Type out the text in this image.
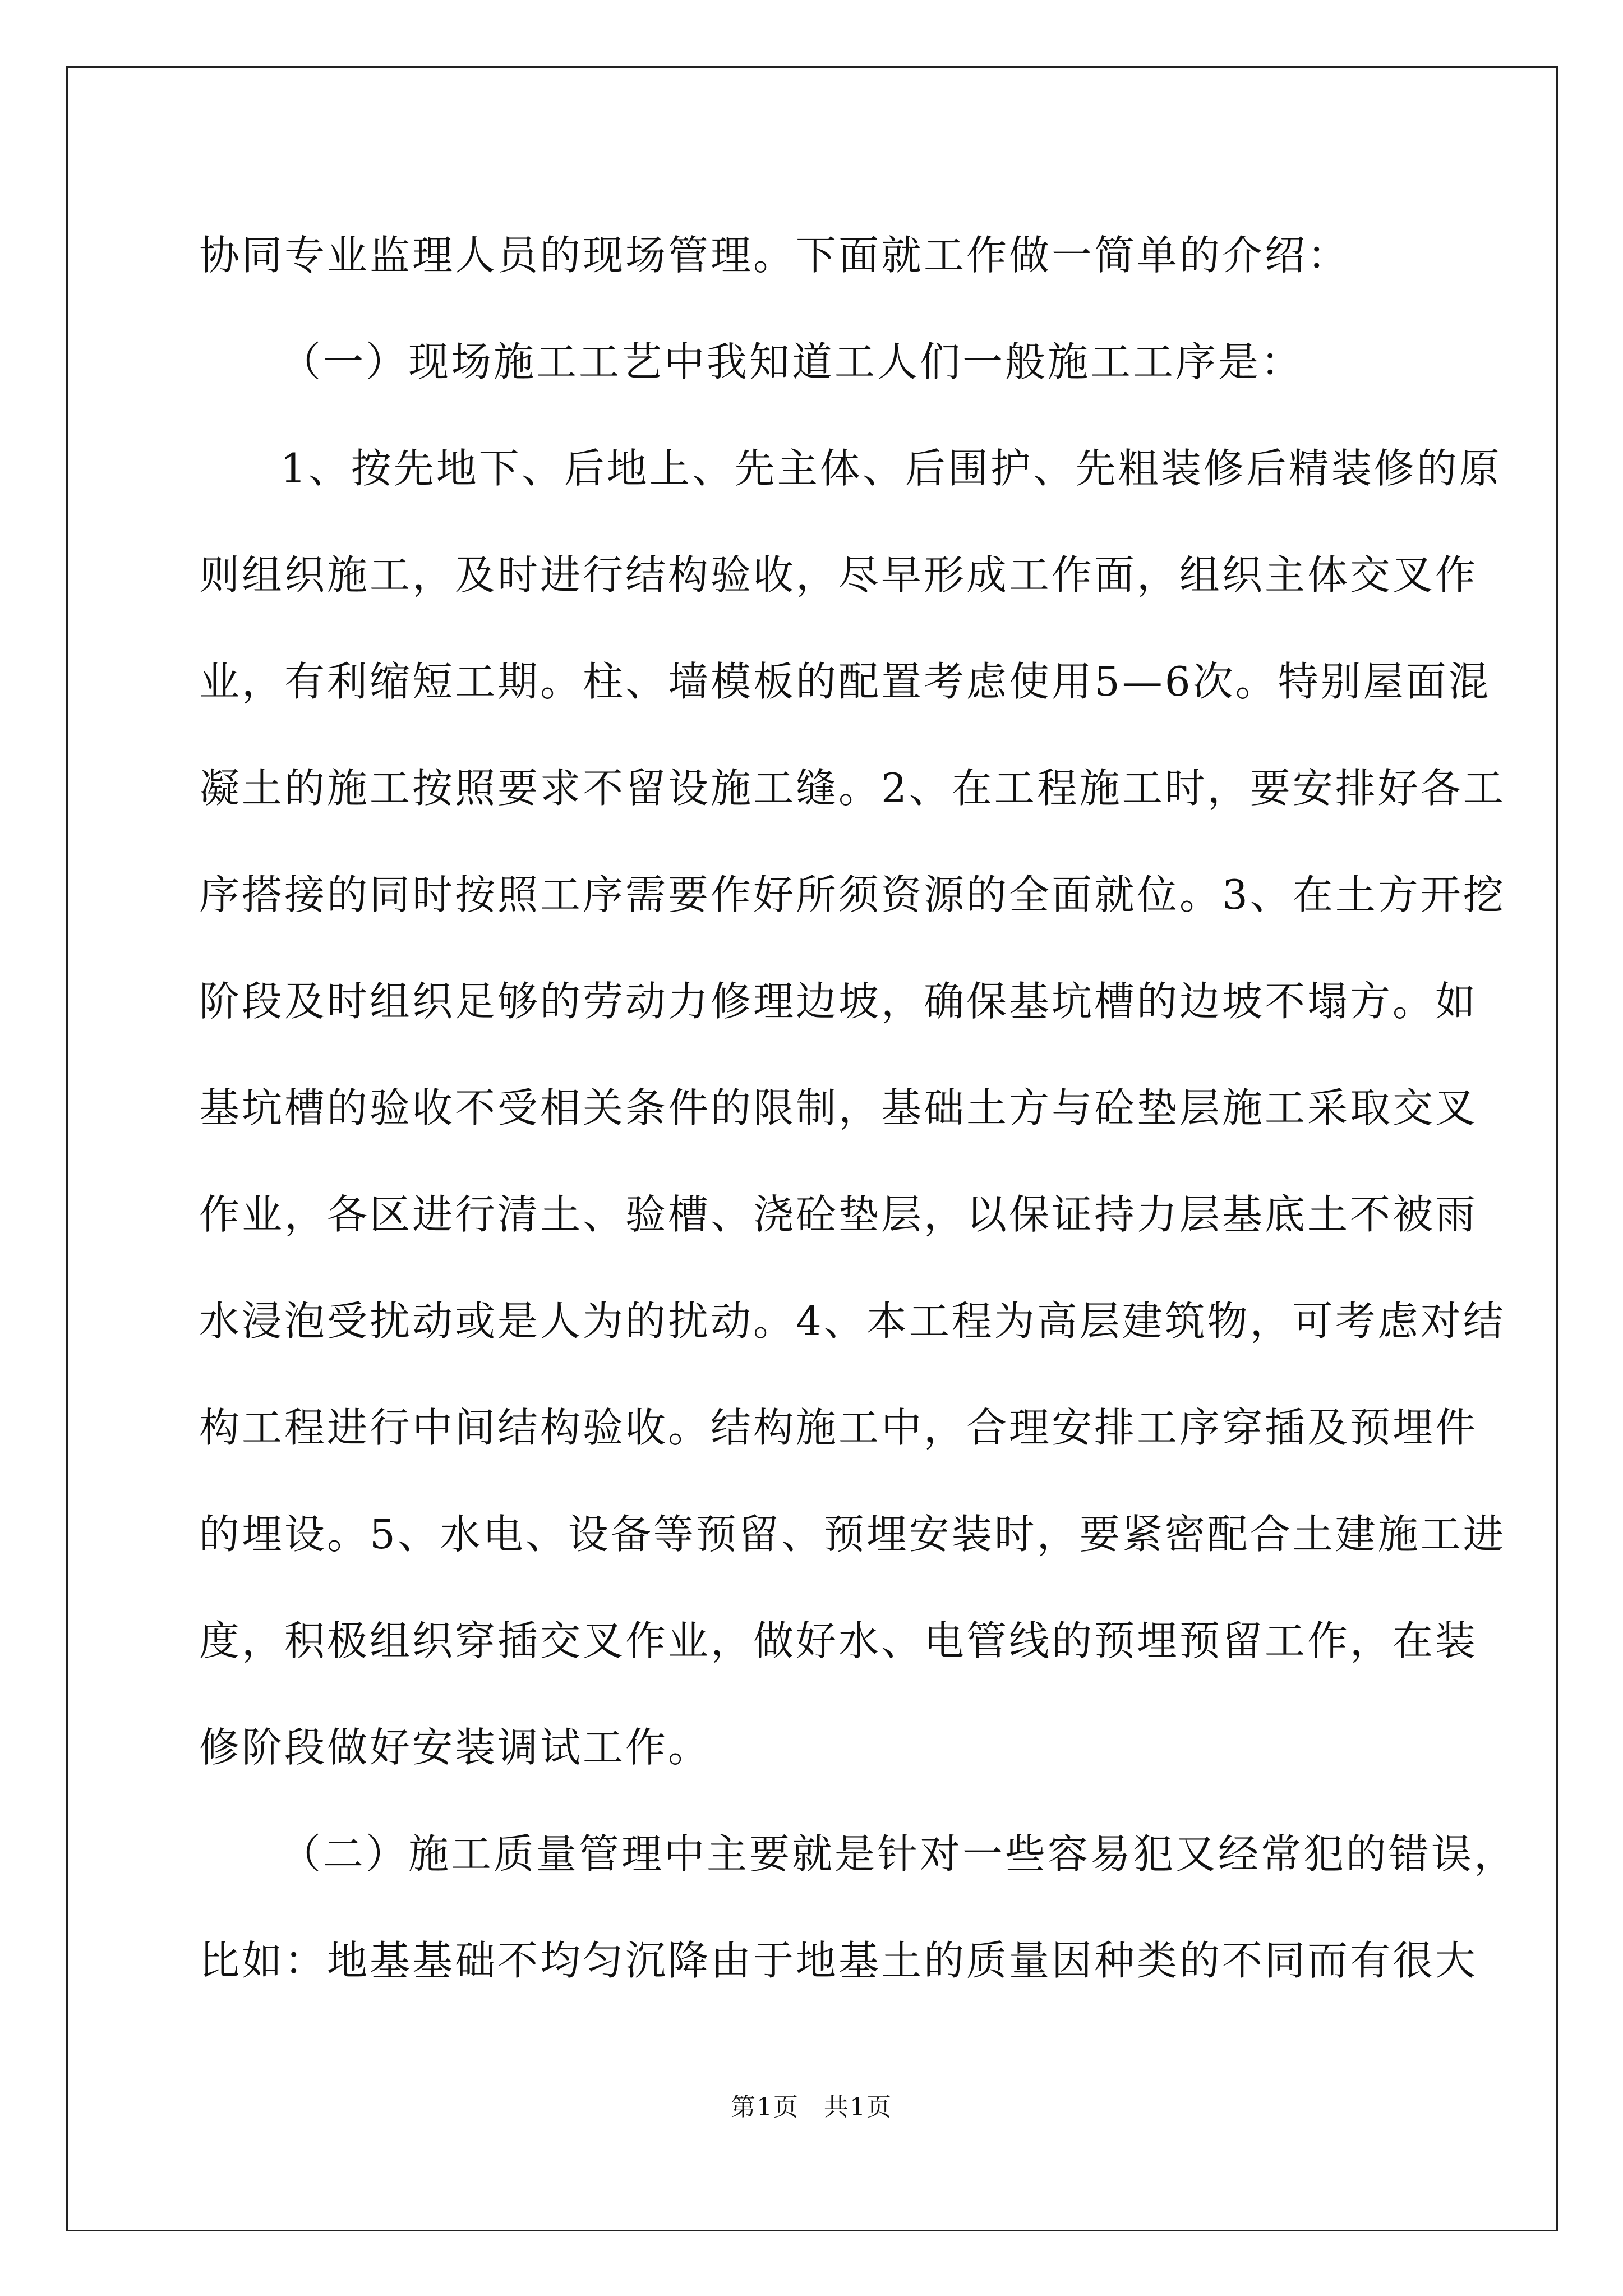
协同专业监理人员的现场管理。下面就工作做一简单的介绍：
（一）现场施工工艺中我知道工人们一般施工工序是：
1、按先地下、后地上、先主体、后围护、先粗装修后精装修的原
则组织施工，及时进行结构验收，尽早形成工作面，组织主体交叉作
业，有利缩短工期。柱、墙模板的配置考虑使用5—6次。特别屋面混
凝土的施工按照要求不留设施工缝。2、在工程施工时，要安排好各工
序搭接的同时按照工序需要作好所须资源的全面就位。3、在土方开挖
阶段及时组织足够的劳动力修理边坡，确保基坑槽的边坡不塌方。如
基坑槽的验收不受相关条件的限制，基础土方与砼垫层施工采取交叉
作业，各区进行清土、验槽、浇砼垫层，以保证持力层基底土不被雨
水浸泡受扰动或是人为的扰动。4、本工程为高层建筑物，可考虑对结
构工程进行中间结构验收。结构施工中，合理安排工序穿插及预埋件
的埋设。5、水电、设备等预留、预埋安装时，要紧密配合土建施工进
度，积极组织穿插交叉作业，做好水、电管线的预埋预留工作，在装
修阶段做好安装调试工作。
（二）施工质量管理中主要就是针对一些容易犯又经常犯的错误，
比如：地基基础不均匀沉降由于地基土的质量因种类的不同而有很大
第1页 共1页
